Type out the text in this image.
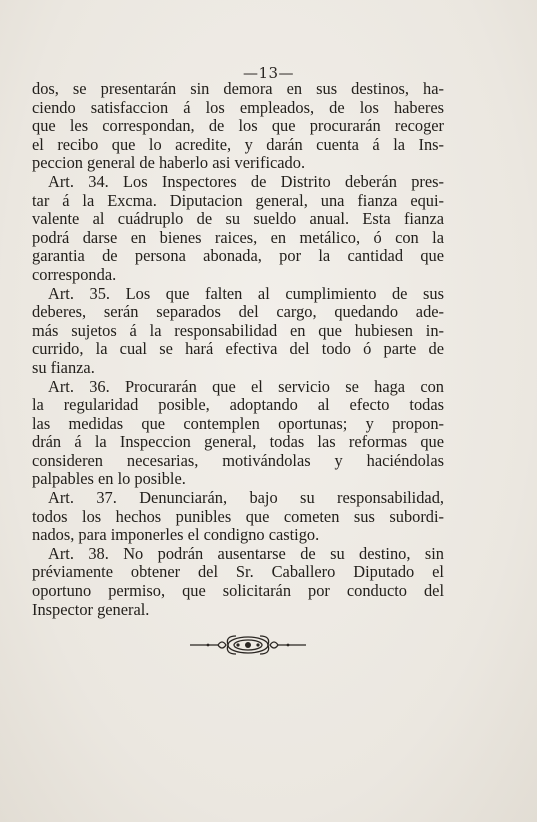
—13—
dos, se presentarán sin demora en sus destinos, ha-
ciendo satisfaccion á los empleados, de los haberes
que les correspondan, de los que procurarán recoger
el recibo que lo acredite, y darán cuenta á la Ins-
peccion general de haberlo asi verificado.
Art. 34. Los Inspectores de Distrito deberán pres-
tar á la Excma. Diputacion general, una fianza equi-
valente al cuádruplo de su sueldo anual. Esta fianza
podrá darse en bienes raices, en metálico, ó con la
garantia de persona abonada, por la cantidad que
corresponda.
Art. 35. Los que falten al cumplimiento de sus
deberes, serán separados del cargo, quedando ade-
más sujetos á la responsabilidad en que hubiesen in-
currido, la cual se hará efectiva del todo ó parte de
su fianza.
Art. 36. Procurarán que el servicio se haga con
la regularidad posible, adoptando al efecto todas
las medidas que contemplen oportunas; y propon-
drán á la Inspeccion general, todas las reformas que
consideren necesarias, motivándolas y haciéndolas
palpables en lo posible.
Art. 37. Denunciarán, bajo su responsabilidad,
todos los hechos punibles que cometen sus subordi-
nados, para imponerles el condigno castigo.
Art. 38. No podrán ausentarse de su destino, sin
préviamente obtener del Sr. Caballero Diputado el
oportuno permiso, que solicitarán por conducto del
Inspector general.
